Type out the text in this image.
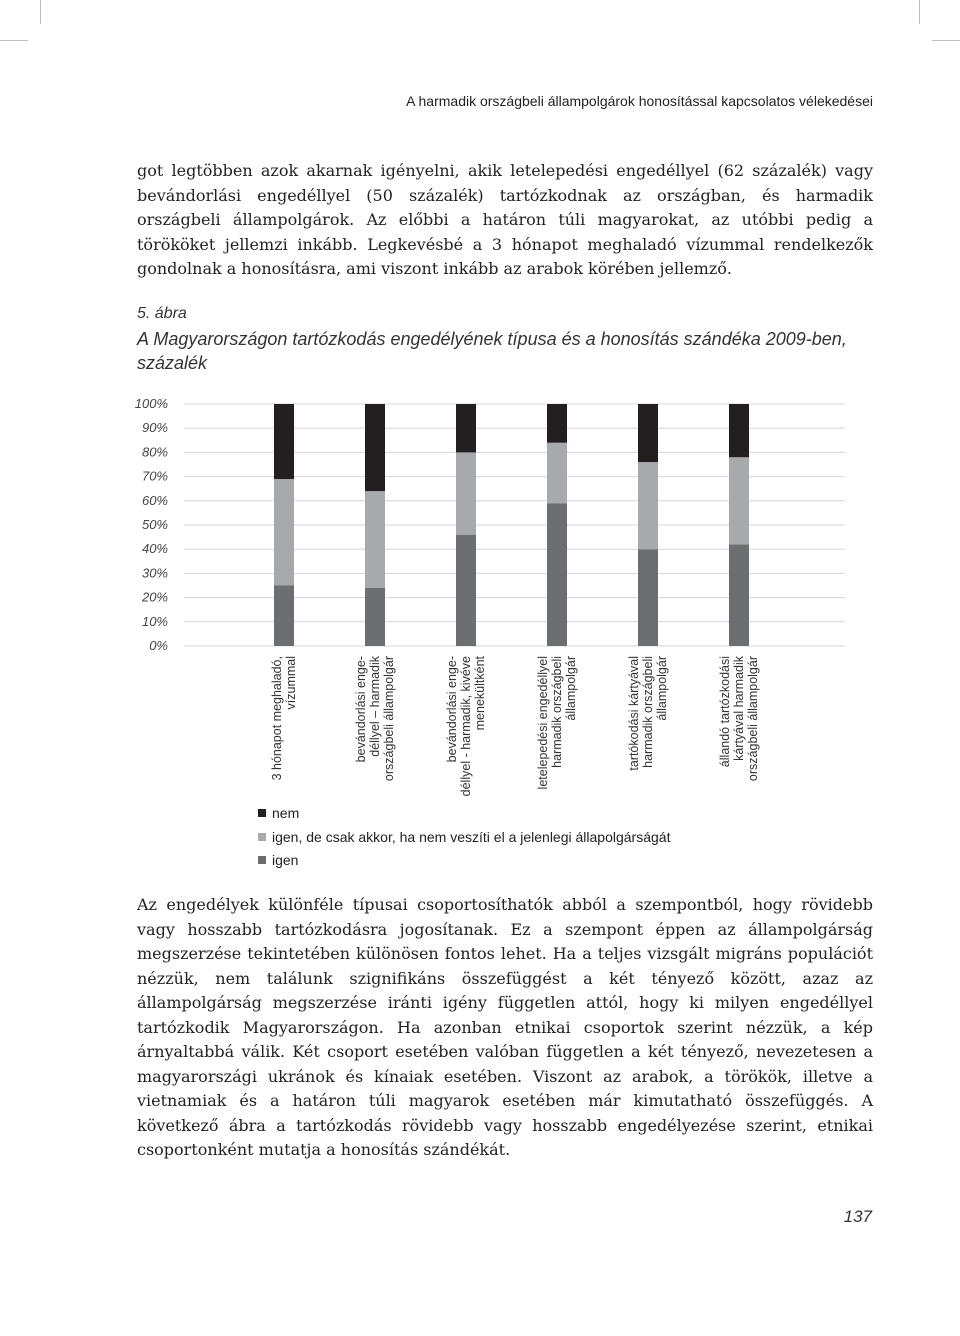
A harmadik országbeli állampolgárok honosítással kapcsolatos vélekedései

got legtöbben azok akarnak igényelni, akik letelepedési engedéllyel (62 százalék) vagy bevándorlási engedéllyel (50 százalék) tartózkodnak az országban, és harmadik országbeli állampolgárok. Az előbbi a határon túli magyarokat, az utóbbi pedig a törököket jellemzi inkább. Legkevésbé a 3 hónapot meghaladó vízummal rendelkezők gondolnak a honosításra, ami viszont inkább az arabok körében jellemző.

5. ábra
A Magyarországon tartózkodás engedélyének típusa és a honosítás szándéka 2009-ben, százalék
0%
10%
20%
30%
40%
50%
60%
70%
80%
90%
100%
3 hónapot meghaladó, vízummal	bevándorlási enge- déllyel – harmadik országbeli állampolgár	bevándorlási enge- déllyel - harmadik, kivéve menekültként	letelepedési engedéllyel harmadik országbeli állampolgár	tartókodási kártyával harmadik országbeli állampolgár	állandó tartózkodási kártyával harmadik országbeli állampolgár
nem
igen, de csak akkor, ha nem veszíti el a jelenlegi állapolgárságát
igen

Az engedélyek különféle típusai csoportosíthatók abból a szempontból, hogy rövidebb vagy hosszabb tartózkodásra jogosítanak. Ez a szempont éppen az állampolgárság megszerzése tekintetében különösen fontos lehet. Ha a teljes vizsgált migráns populációt nézzük, nem találunk szignifikáns összefüggést a két tényező között, azaz az állampolgárság megszerzése iránti igény független attól, hogy ki milyen engedéllyel tartózkodik Magyarországon. Ha azonban etnikai csoportok szerint nézzük, a kép árnyaltabbá válik. Két csoport esetében valóban független a két tényező, nevezetesen a magyarországi ukránok és kínaiak esetében. Viszont az arabok, a törökök, illetve a vietnamiak és a határon túli magyarok esetében már kimutatható összefüggés. A következő ábra a tartózkodás rövidebb vagy hosszabb engedélyezése szerint, etnikai csoportonként mutatja a honosítás szándékát.

137
